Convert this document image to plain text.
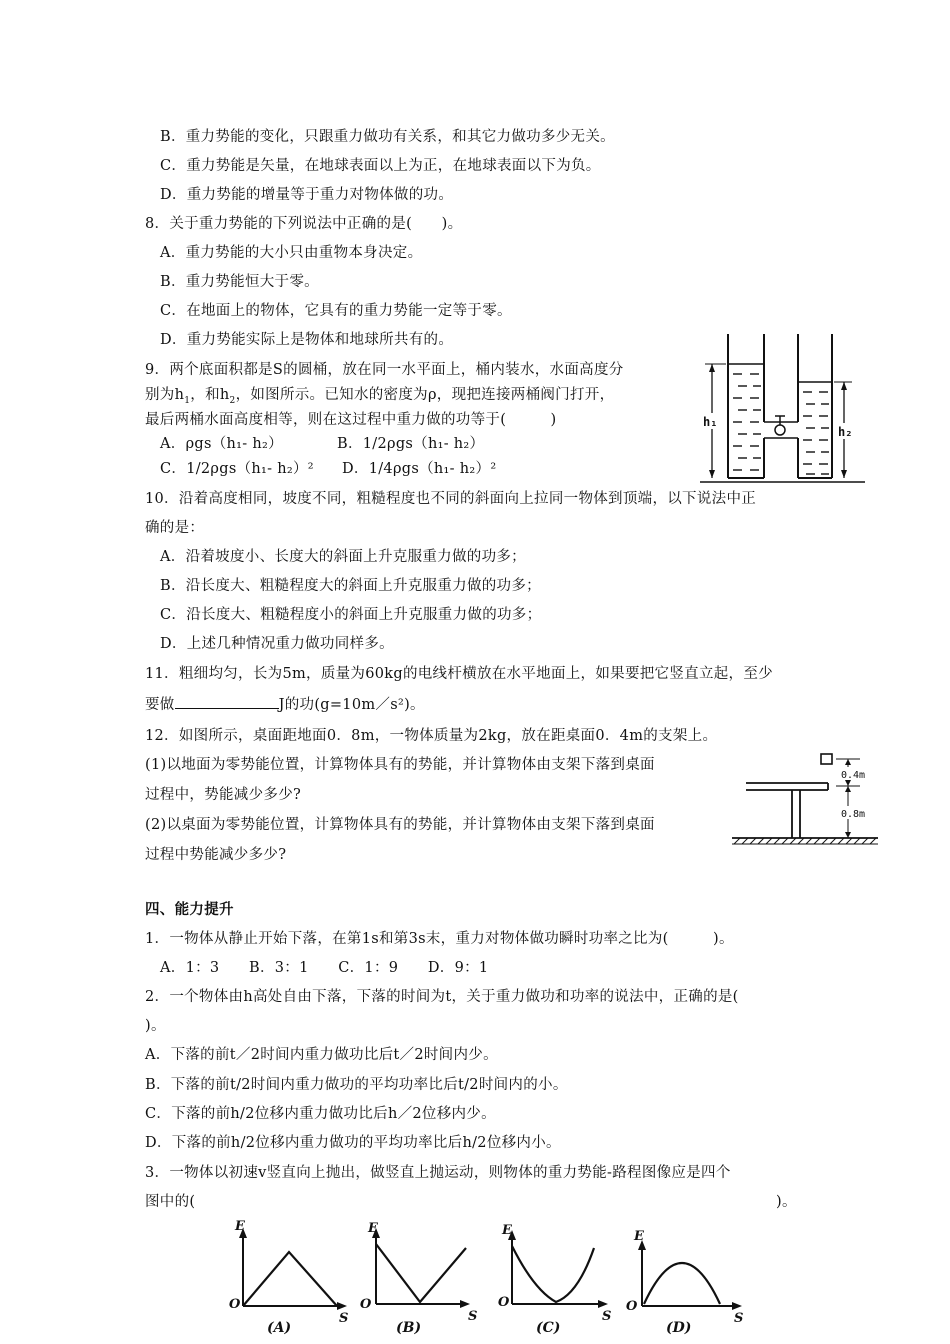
B．重力势能的变化，只跟重力做功有关系，和其它力做功多少无关。
C．重力势能是矢量，在地球表面以上为正，在地球表面以下为负。
D．重力势能的增量等于重力对物体做的功。
8．关于重力势能的下列说法中正确的是(　　)。
A．重力势能的大小只由重物本身决定。
B．重力势能恒大于零。
C．在地面上的物体，它具有的重力势能一定等于零。
D．重力势能实际上是物体和地球所共有的。
9．两个底面积都是S的圆桶，放在同一水平面上，桶内装水，水面高度分
别为$h_1$，和$h_2$，如图所示。已知水的密度为ρ，现把连接两桶阀门打开，
最后两桶水面高度相等，则在这过程中重力做的功等于(　　　)
A．ρgs（h₁- h₂）	B．1/2ρgs（h₁- h₂）
C．1/2ρgs（h₁- h₂）² D．1/4ρgs（h₁- h₂）²
h₁
h₂
10．沿着高度相同，坡度不同，粗糙程度也不同的斜面向上拉同一物体到顶端，以下说法中正
确的是：
A．沿着坡度小、长度大的斜面上升克服重力做的功多；
B．沿长度大、粗糙程度大的斜面上升克服重力做的功多；
C．沿长度大、粗糙程度小的斜面上升克服重力做的功多；
D．上述几种情况重力做功同样多。
11．粗细均匀，长为5m，质量为60kg的电线杆横放在水平地面上，如果要把它竖直立起，至少
要做	J的功(g=10m／s²)。
12．如图所示，桌面距地面0．8m，一物体质量为2kg，放在距桌面0．4m的支架上。
(1)以地面为零势能位置，计算物体具有的势能，并计算物体由支架下落到桌面
过程中，势能减少多少?
(2)以桌面为零势能位置，计算物体具有的势能，并计算物体由支架下落到桌面
过程中势能减少多少?
0.4m
0.8m
四、能力提升
1．一物体从静止开始下落，在第1s和第3s末，重力对物体做功瞬时功率之比为(　　　)。
A．1：3　　B．3：1　　C．1：9　　D．9：1
2．一个物体由h高处自由下落，下落的时间为t，关于重力做功和功率的说法中，正确的是(
)。
A．下落的前t／2时间内重力做功比后t／2时间内少。
B．下落的前t/2时间内重力做功的平均功率比后t/2时间内的小。
C．下落的前h/2位移内重力做功比后h／2位移内少。
D．下落的前h/2位移内重力做功的平均功率比后h/2位移内小。
3．一物体以初速v竖直向上抛出，做竖直上抛运动，则物体的重力势能-路程图像应是四个
图中的(	)。
E
O
S
(A)
E
O
S
(B)
E
O
S
(C)
E
O
S
(D)
